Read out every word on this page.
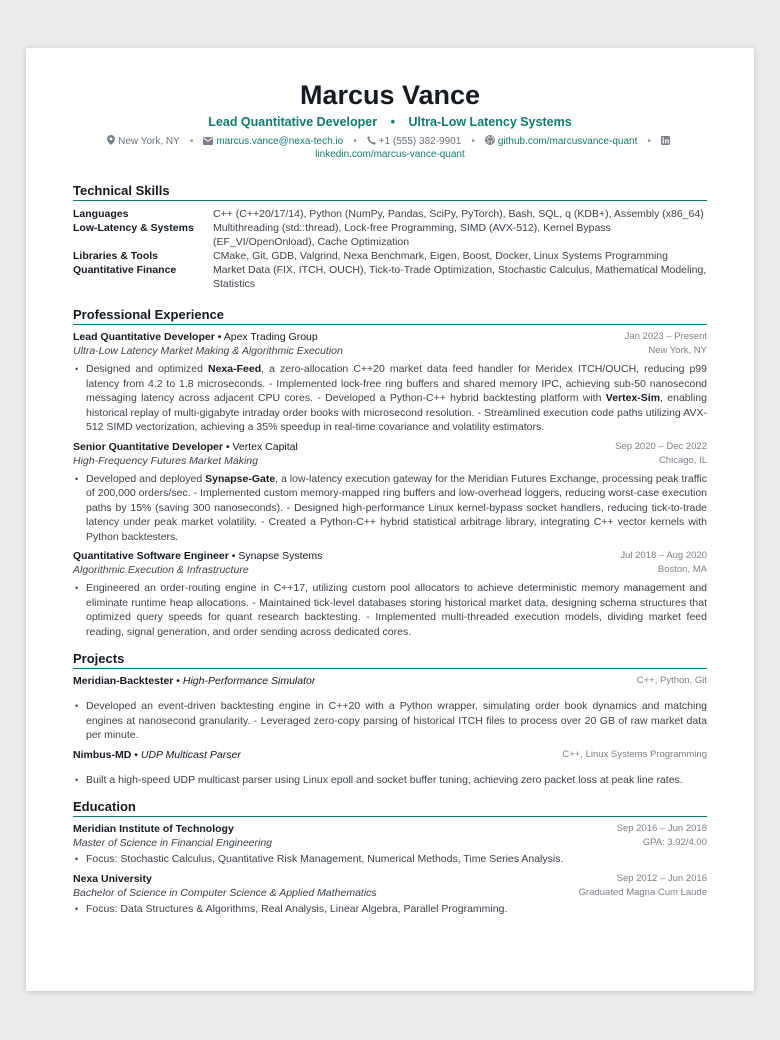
Marcus Vance
Lead Quantitative Developer • Ultra-Low Latency Systems
New York, NY • marcus.vance@nexa-tech.io • +1 (555) 382-9901 • github.com/marcusvance-quant •
linkedin.com/marcus-vance-quant
Technical Skills
Languages	C++ (C++20/17/14), Python (NumPy, Pandas, SciPy, PyTorch), Bash, SQL, q (KDB+), Assembly (x86_64)
Low-Latency & Systems	Multithreading (std::thread), Lock-free Programming, SIMD (AVX-512), Kernel Bypass (EF_VI/OpenOnload), Cache Optimization
Libraries & Tools	CMake, Git, GDB, Valgrind, Nexa Benchmark, Eigen, Boost, Docker, Linux Systems Programming
Quantitative Finance	Market Data (FIX, ITCH, OUCH), Tick-to-Trade Optimization, Stochastic Calculus, Mathematical Modeling, Statistics
Professional Experience
Lead Quantitative Developer • Apex Trading Group	Jan 2023 – Present
Ultra-Low Latency Market Making & Algorithmic Execution	New York, NY
• Designed and optimized Nexa-Feed, a zero-allocation C++20 market data feed handler for Meridex ITCH/OUCH, reducing p99 latency from 4.2 to 1.8 microseconds. - Implemented lock-free ring buffers and shared memory IPC, achieving sub-50 nanosecond messaging latency across adjacent CPU cores. - Developed a Python-C++ hybrid backtesting platform with Vertex-Sim, enabling historical replay of multi-gigabyte intraday order books with microsecond resolution. - Streamlined execution code paths utilizing AVX-512 SIMD vectorization, achieving a 35% speedup in real-time covariance and volatility estimators.
Senior Quantitative Developer • Vertex Capital	Sep 2020 – Dec 2022
High-Frequency Futures Market Making	Chicago, IL
• Developed and deployed Synapse-Gate, a low-latency execution gateway for the Meridian Futures Exchange, processing peak traffic of 200,000 orders/sec. - Implemented custom memory-mapped ring buffers and low-overhead loggers, reducing worst-case execution paths by 15% (saving 300 nanoseconds). - Designed high-performance Linux kernel-bypass socket handlers, reducing tick-to-trade latency under peak market volatility. - Created a Python-C++ hybrid statistical arbitrage library, integrating C++ vector kernels with Python backtesters.
Quantitative Software Engineer • Synapse Systems	Jul 2018 – Aug 2020
Algorithmic Execution & Infrastructure	Boston, MA
• Engineered an order-routing engine in C++17, utilizing custom pool allocators to achieve deterministic memory management and eliminate runtime heap allocations. - Maintained tick-level databases storing historical market data, designing schema structures that optimized query speeds for quant research backtesting. - Implemented multi-threaded execution models, dividing market feed reading, signal generation, and order sending across dedicated cores.
Projects
Meridian-Backtester • High-Performance Simulator	C++, Python, Git
• Developed an event-driven backtesting engine in C++20 with a Python wrapper, simulating order book dynamics and matching engines at nanosecond granularity. - Leveraged zero-copy parsing of historical ITCH files to process over 20 GB of raw market data per minute.
Nimbus-MD • UDP Multicast Parser	C++, Linux Systems Programming
• Built a high-speed UDP multicast parser using Linux epoll and socket buffer tuning, achieving zero packet loss at peak line rates.
Education
Meridian Institute of Technology	Sep 2016 – Jun 2018
Master of Science in Financial Engineering	GPA: 3.92/4.00
• Focus: Stochastic Calculus, Quantitative Risk Management, Numerical Methods, Time Series Analysis.
Nexa University	Sep 2012 – Jun 2016
Bachelor of Science in Computer Science & Applied Mathematics	Graduated Magna Cum Laude
• Focus: Data Structures & Algorithms, Real Analysis, Linear Algebra, Parallel Programming.
